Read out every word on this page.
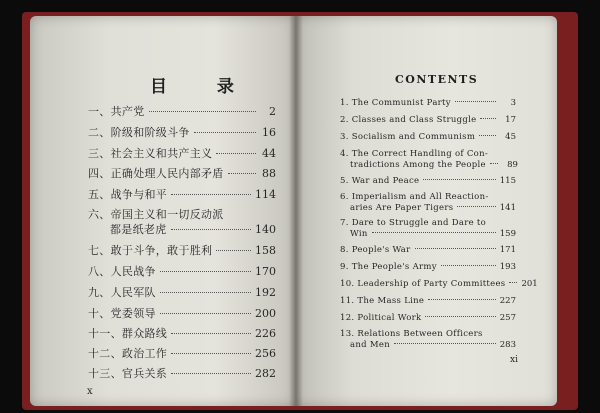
目 录	CONTENTS
一、共产党	2
二、阶级和阶级斗争	16
三、社会主义和共产主义	44
四、正确处理人民内部矛盾	88
五、战争与和平	114
六、帝国主义和一切反动派
都是纸老虎	140
七、敢于斗争，敢于胜利	158
八、人民战争	170
九、人民军队	192
十、党委领导	200
十一、群众路线	226
十二、政治工作	256
十三、官兵关系	282
x
1. The Communist Party	3
2. Classes and Class Struggle	17
3. Socialism and Communism	45
4. The Correct Handling of Con-
tradictions Among the People	89
5. War and Peace	115
6. Imperialism and All Reaction-
aries Are Paper Tigers	141
7. Dare to Struggle and Dare to
Win	159
8. People's War	171
9. The People's Army	193
10. Leadership of Party Committees 201
11. The Mass Line	227
12. Political Work	257
13. Relations Between Officers
and Men	283
xi
